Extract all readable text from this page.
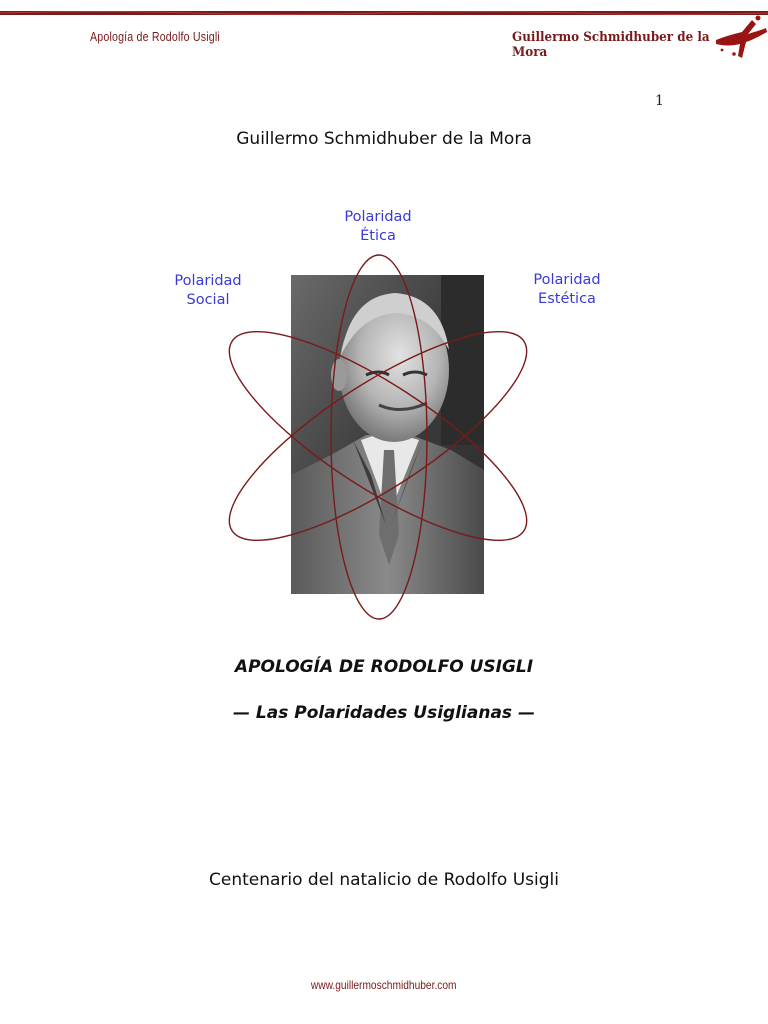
Apología de Rodolfo Usigli	Guillermo Schmidhuber de la Mora
1
Guillermo Schmidhuber de la Mora
Polaridad
Ética
Polaridad
Social
Polaridad
Estética
APOLOGÍA DE RODOLFO USIGLI
— Las Polaridades Usiglianas —
Centenario del natalicio de Rodolfo Usigli
www.guillermoschmidhuber.com
